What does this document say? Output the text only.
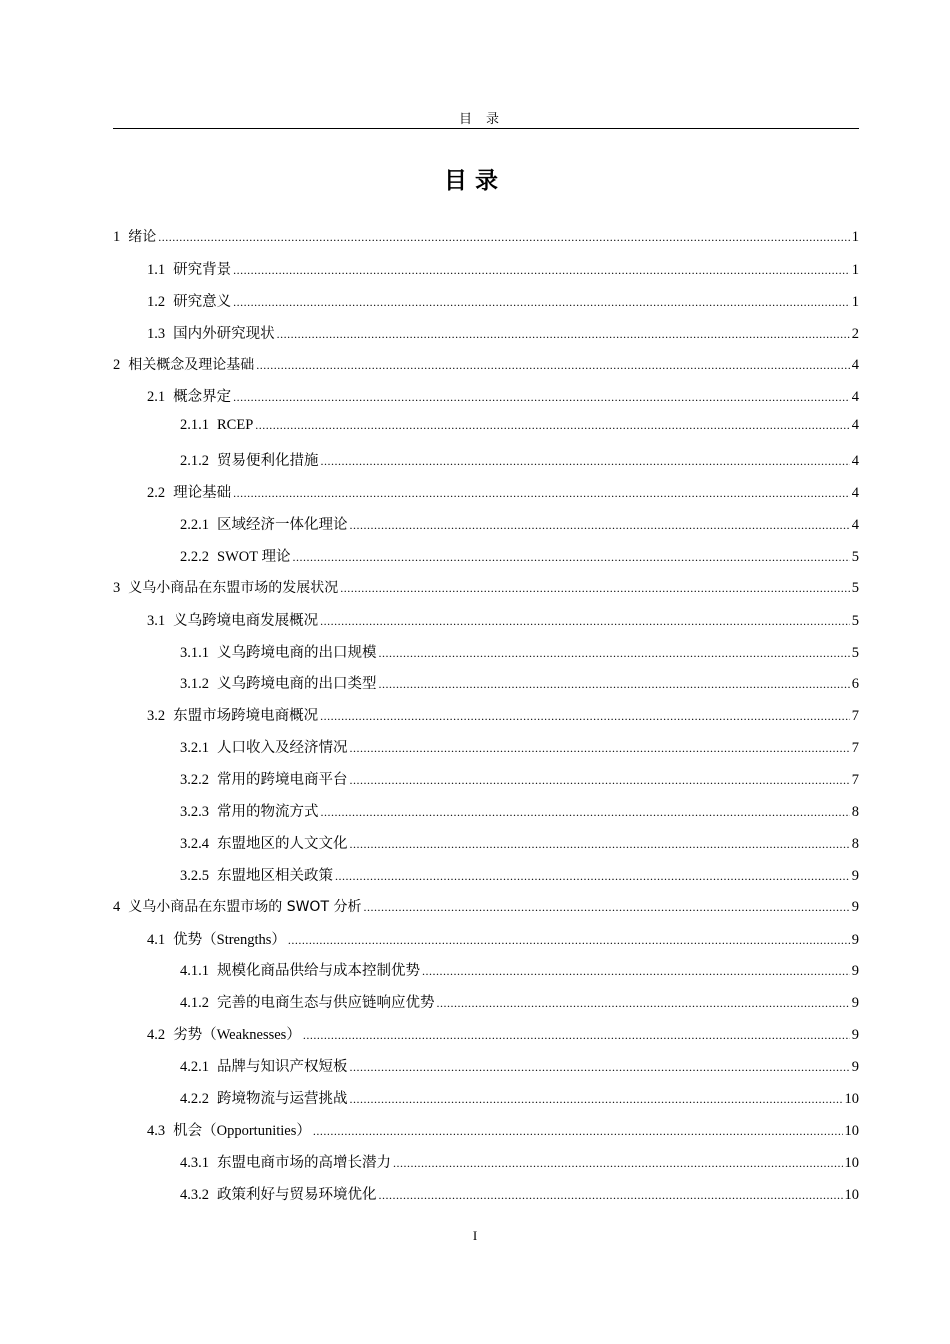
目录
目录
1 绪论 .....	1
1.1 研究背景 .....	1
1.2 研究意义 .....	1
1.3 国内外研究现状 .....	2
2 相关概念及理论基础 .....	4
2.1 概念界定 .....	4
2.1.1 RCEP .....	4
2.1.2 贸易便利化措施 .....	4
2.2 理论基础 .....	4
2.2.1 区域经济一体化理论 .....	4
2.2.2 SWOT 理论 .....	5
3 义乌小商品在东盟市场的发展状况 .....	5
3.1 义乌跨境电商发展概况 .....	5
3.1.1 义乌跨境电商的出口规模 .....	5
3.1.2 义乌跨境电商的出口类型 .....	6
3.2 东盟市场跨境电商概况 .....	7
3.2.1 人口收入及经济情况 .....	7
3.2.2 常用的跨境电商平台 .....	7
3.2.3 常用的物流方式 .....	8
3.2.4 东盟地区的人文文化 .....	8
3.2.5 东盟地区相关政策 .....	9
4 义乌小商品在东盟市场的 SWOT 分析 .....	9
4.1 优势（Strengths） .....	9
4.1.1 规模化商品供给与成本控制优势 .....	9
4.1.2 完善的电商生态与供应链响应优势 .....	9
4.2 劣势（Weaknesses） .....	9
4.2.1 品牌与知识产权短板 .....	9
4.2.2 跨境物流与运营挑战 .....	10
4.3 机会（Opportunities） .....	10
4.3.1 东盟电商市场的高增长潜力 .....	10
4.3.2 政策利好与贸易环境优化 .....	10
I
